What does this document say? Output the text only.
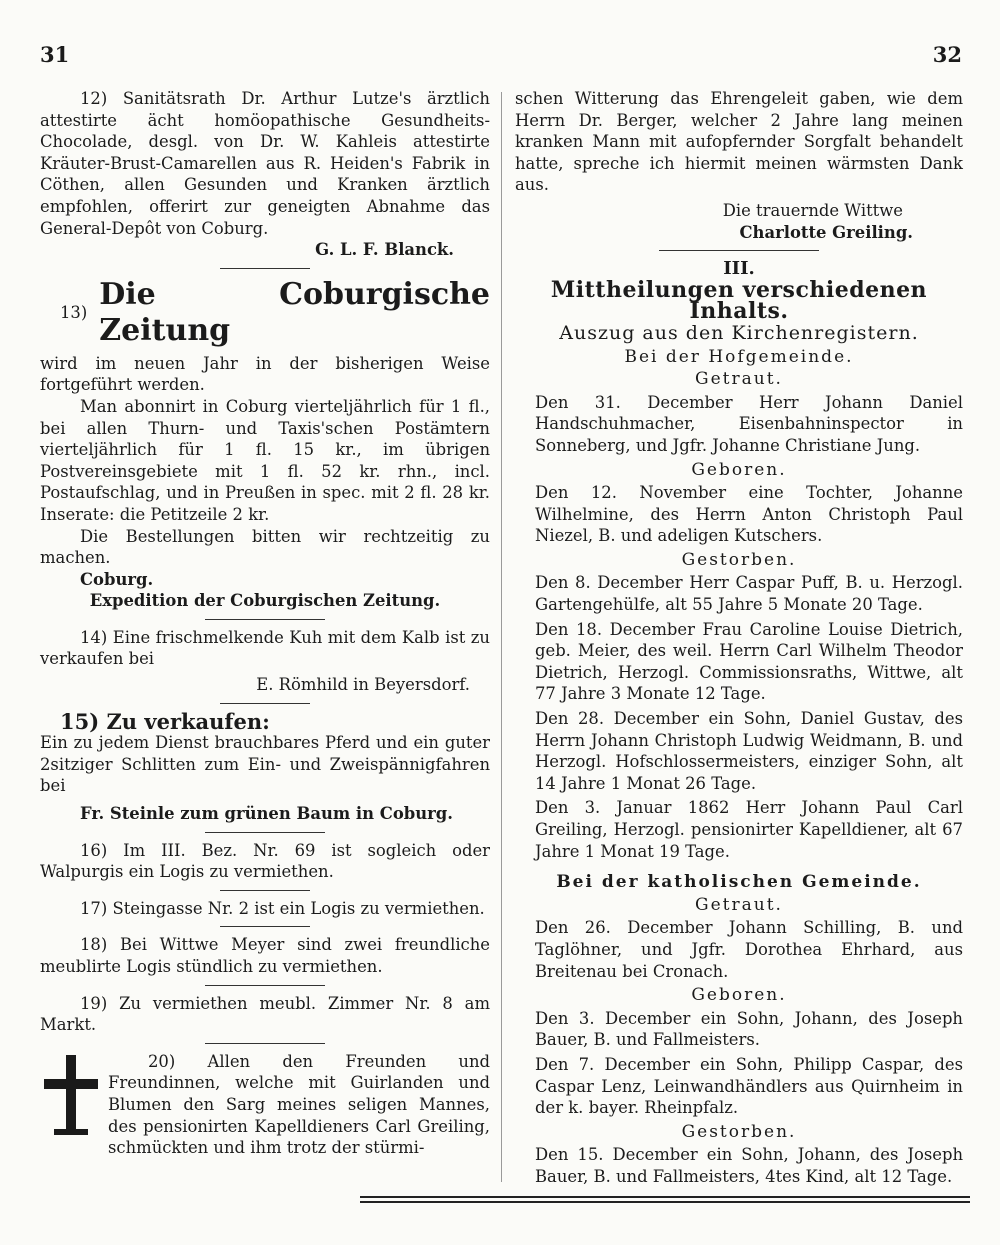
31	32

12) Sanitätsrath Dr. Arthur Lutze's ärztlich attestirte ächt homöopathische Gesundheits-Chocolade, desgl. von Dr. W. Kahleis attestirte Kräuter-Brust-Camarellen aus R. Heiden's Fabrik in Cöthen, allen Gesunden und Kranken ärztlich empfohlen, offerirt zur geneigten Abnahme das General-Depôt von Coburg.

G. L. F. Blanck.

13)
Die Coburgische Zeitung

wird im neuen Jahr in der bisherigen Weise fortgeführt werden.

Man abonnirt in Coburg vierteljährlich für 1 fl., bei allen Thurn- und Taxis'schen Postämtern vierteljährlich für 1 fl. 15 kr., im übrigen Postvereinsgebiete mit 1 fl. 52 kr. rhn., incl. Postaufschlag, und in Preußen in spec. mit 2 fl. 28 kr. Inserate: die Petitzeile 2 kr.

Die Bestellungen bitten wir rechtzeitig zu machen.

Coburg.

Expedition der Coburgischen Zeitung.

14) Eine frischmelkende Kuh mit dem Kalb ist zu verkaufen bei

E. Römhild in Beyersdorf.

15) Zu verkaufen:

Ein zu jedem Dienst brauchbares Pferd und ein guter 2sitziger Schlitten zum Ein- und Zweispännigfahren bei

Fr. Steinle zum grünen Baum in Coburg.

16) Im III. Bez. Nr. 69 ist sogleich oder Walpurgis ein Logis zu vermiethen.

17) Steingasse Nr. 2 ist ein Logis zu vermiethen.

18) Bei Wittwe Meyer sind zwei freundliche meublirte Logis stündlich zu vermiethen.

19) Zu vermiethen meubl. Zimmer Nr. 8 am Markt.

20) Allen den Freunden und Freundinnen, welche mit Guirlanden und Blumen den Sarg meines seligen Mannes, des pensionirten Kapelldieners Carl Greiling, schmückten und ihm trotz der stürmi-

schen Witterung das Ehrengeleit gaben, wie dem Herrn Dr. Berger, welcher 2 Jahre lang meinen kranken Mann mit aufopfernder Sorgfalt behandelt hatte, spreche ich hiermit meinen wärmsten Dank aus.

Die trauernde Wittwe

Charlotte Greiling.

III.

Mittheilungen verschiedenen Inhalts.

Auszug aus den Kirchenregistern.

Bei der Hofgemeinde.

Getraut.

Den 31. December Herr Johann Daniel Handschuhmacher, Eisenbahninspector in Sonneberg, und Jgfr. Johanne Christiane Jung.

Geboren.

Den 12. November eine Tochter, Johanne Wilhelmine, des Herrn Anton Christoph Paul Niezel, B. und adeligen Kutschers.

Gestorben.

Den 8. December Herr Caspar Puff, B. u. Herzogl. Gartengehülfe, alt 55 Jahre 5 Monate 20 Tage.

Den 18. December Frau Caroline Louise Dietrich, geb. Meier, des weil. Herrn Carl Wilhelm Theodor Dietrich, Herzogl. Commissionsraths, Wittwe, alt 77 Jahre 3 Monate 12 Tage.

Den 28. December ein Sohn, Daniel Gustav, des Herrn Johann Christoph Ludwig Weidmann, B. und Herzogl. Hofschlossermeisters, einziger Sohn, alt 14 Jahre 1 Monat 26 Tage.

Den 3. Januar 1862 Herr Johann Paul Carl Greiling, Herzogl. pensionirter Kapelldiener, alt 67 Jahre 1 Monat 19 Tage.

Bei der katholischen Gemeinde.

Getraut.

Den 26. December Johann Schilling, B. und Taglöhner, und Jgfr. Dorothea Ehrhard, aus Breitenau bei Cronach.

Geboren.

Den 3. December ein Sohn, Johann, des Joseph Bauer, B. und Fallmeisters.

Den 7. December ein Sohn, Philipp Caspar, des Caspar Lenz, Leinwandhändlers aus Quirnheim in der k. bayer. Rheinpfalz.

Gestorben.

Den 15. December ein Sohn, Johann, des Joseph Bauer, B. und Fallmeisters, 4tes Kind, alt 12 Tage.
